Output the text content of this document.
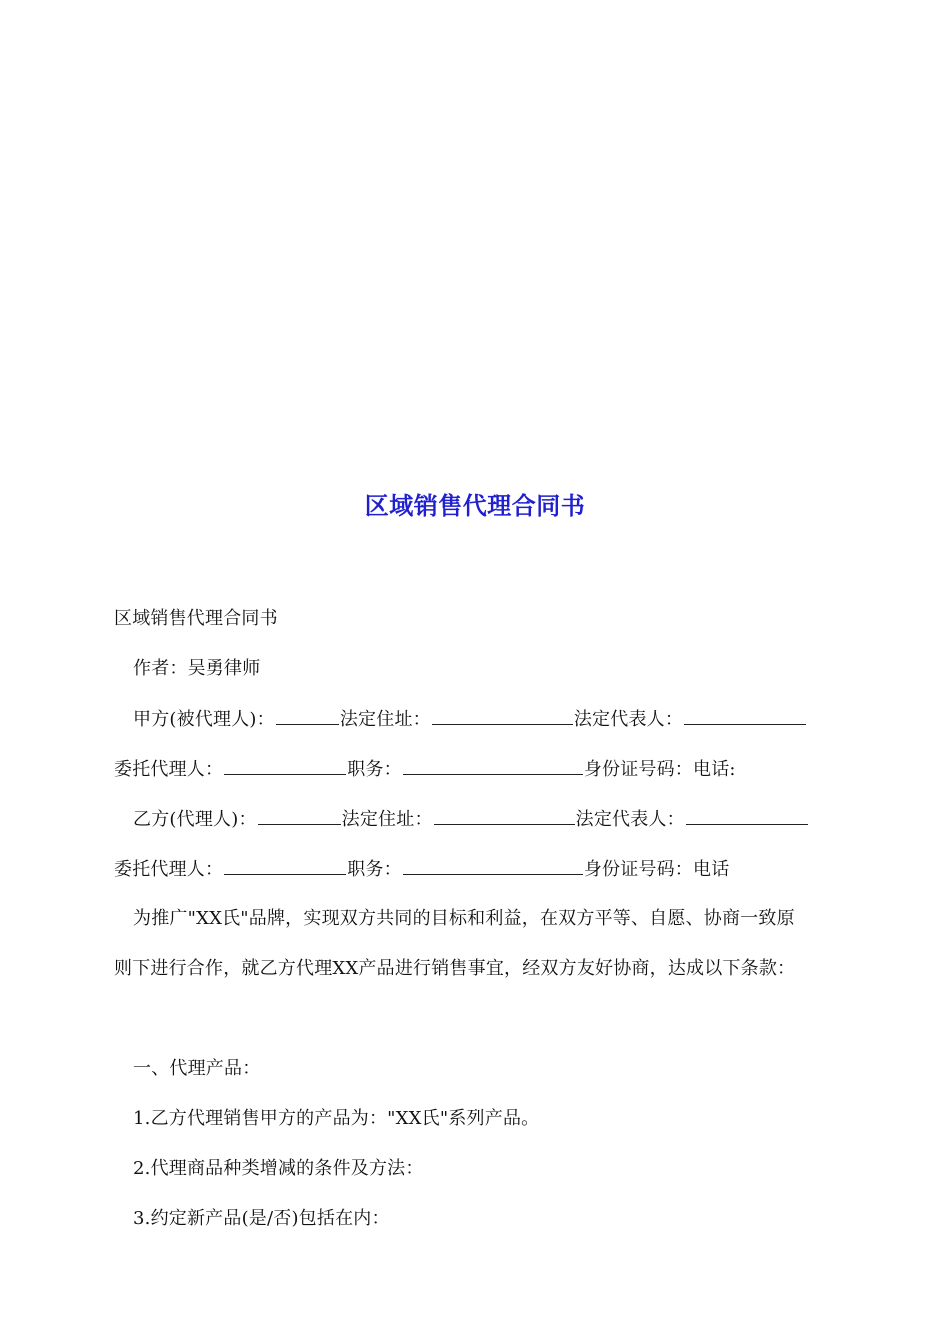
区域销售代理合同书
区域销售代理合同书
作者：吴勇律师
甲方(被代理人)：	法定住址：	法定代表人：
委托代理人：	职务：	身份证号码：电话:
乙方(代理人)：	法定住址：	法定代表人：
委托代理人：	职务：	身份证号码：电话
为推广"XX氏"品牌，实现双方共同的目标和利益，在双方平等、自愿、协商一致原
则下进行合作，就乙方代理XX产品进行销售事宜，经双方友好协商，达成以下条款：
一、代理产品：
1.乙方代理销售甲方的产品为："XX氏"系列产品。
2.代理商品种类增减的条件及方法：
3.约定新产品(是/否)包括在内：
